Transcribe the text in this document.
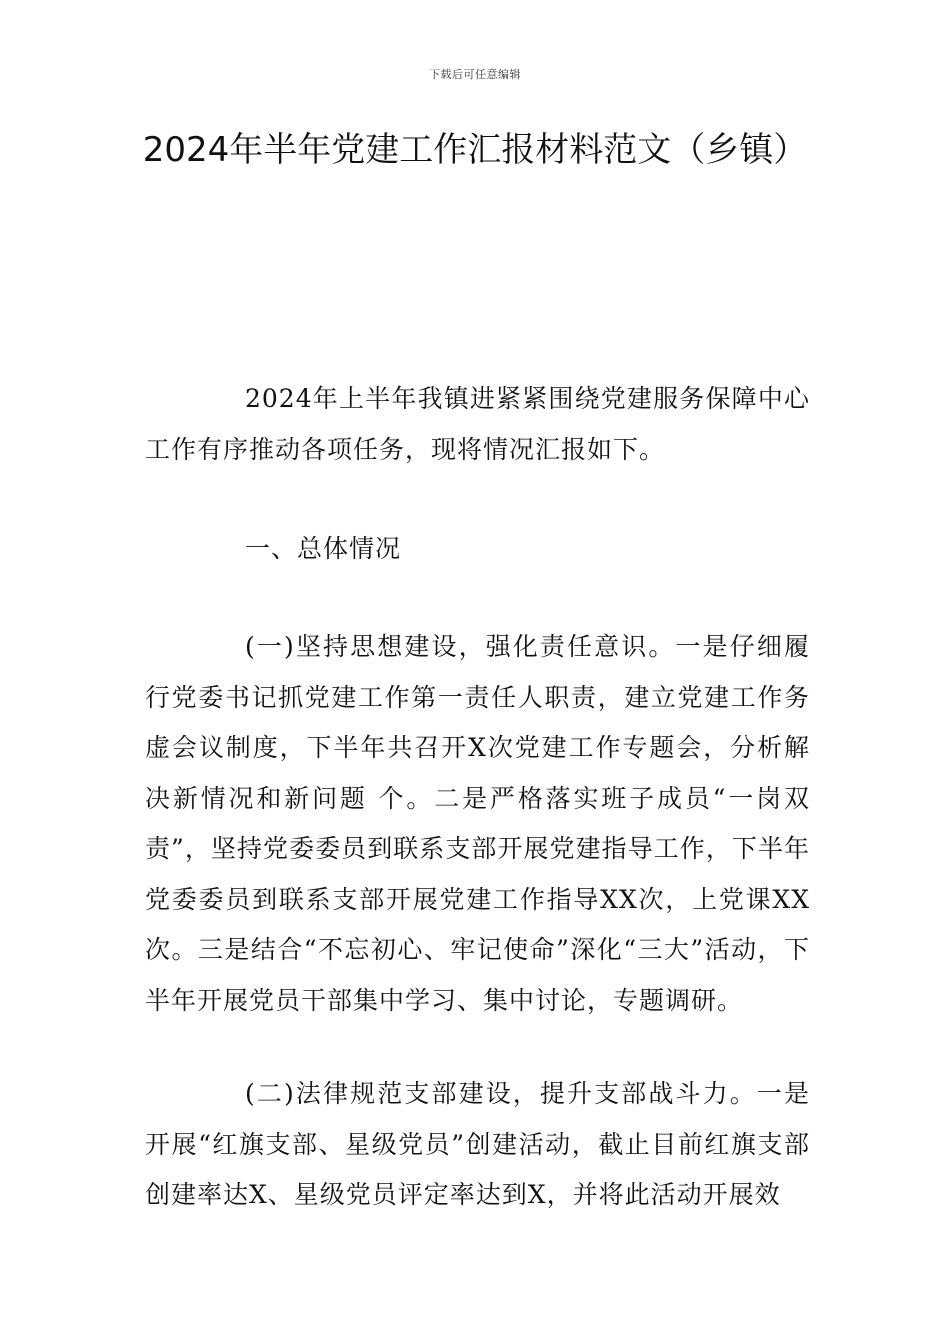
下载后可任意编辑
2024年半年党建工作汇报材料范文（乡镇）

2024年上半年我镇进紧紧围绕党建服务保障中心工作有序推动各项任务，现将情况汇报如下。

一、总体情况

(一)坚持思想建设，强化责任意识。一是仔细履行党委书记抓党建工作第一责任人职责，建立党建工作务虚会议制度，下半年共召开X次党建工作专题会，分析解决新情况和新问题 个。二是严格落实班子成员“一岗双责”，坚持党委委员到联系支部开展党建指导工作，下半年党委委员到联系支部开展党建工作指导XX次，上党课XX次。三是结合“不忘初心、牢记使命”深化“三大”活动，下半年开展党员干部集中学习、集中讨论，专题调研。

(二)法律规范支部建设，提升支部战斗力。一是开展“红旗支部、星级党员”创建活动，截止目前红旗支部创建率达X、星级党员评定率达到X，并将此活动开展效
